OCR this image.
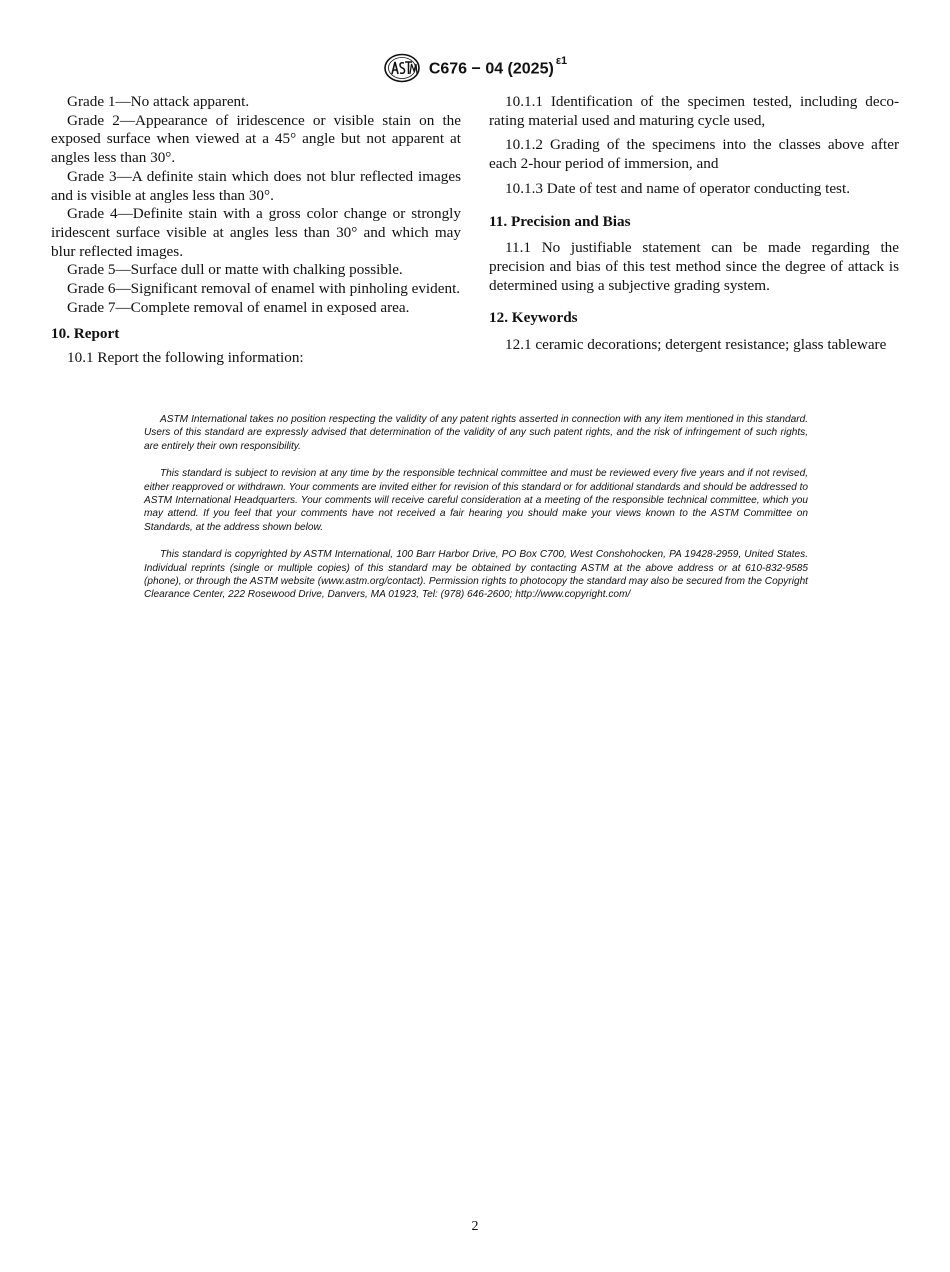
C676 − 04 (2025) $^{\varepsilon 1}$

Grade 1—No attack apparent.

Grade 2—Appearance of iridescence or visible stain on the exposed surface when viewed at a 45° angle but not apparent at angles less than 30°.

Grade 3—A definite stain which does not blur reflected images and is visible at angles less than 30°.

Grade 4—Definite stain with a gross color change or strongly iridescent surface visible at angles less than 30° and which may blur reflected images.

Grade 5—Surface dull or matte with chalking possible.

Grade 6—Significant removal of enamel with pinholing evident.

Grade 7—Complete removal of enamel in exposed area.

10. Report

10.1 Report the following information:

10.1.1 Identification of the specimen tested, including decorating material used and maturing cycle used,

10.1.2 Grading of the specimens into the classes above after each 2-hour period of immersion, and

10.1.3 Date of test and name of operator conducting test.

11. Precision and Bias

11.1 No justifiable statement can be made regarding the precision and bias of this test method since the degree of attack is determined using a subjective grading system.

12. Keywords

12.1 ceramic decorations; detergent resistance; glass tableware

ASTM International takes no position respecting the validity of any patent rights asserted in connection with any item mentioned in this standard. Users of this standard are expressly advised that determination of the validity of any such patent rights, and the risk of infringement of such rights, are entirely their own responsibility.

This standard is subject to revision at any time by the responsible technical committee and must be reviewed every five years and if not revised, either reapproved or withdrawn. Your comments are invited either for revision of this standard or for additional standards and should be addressed to ASTM International Headquarters. Your comments will receive careful consideration at a meeting of the responsible technical committee, which you may attend. If you feel that your comments have not received a fair hearing you should make your views known to the ASTM Committee on Standards, at the address shown below.

This standard is copyrighted by ASTM International, 100 Barr Harbor Drive, PO Box C700, West Conshohocken, PA 19428-2959, United States. Individual reprints (single or multiple copies) of this standard may be obtained by contacting ASTM at the above address or at 610-832-9585 (phone), or through the ASTM website (www.astm.org/contact). Permission rights to photocopy the standard may also be secured from the Copyright Clearance Center, 222 Rosewood Drive, Danvers, MA 01923, Tel: (978) 646-2600; http://www.copyright.com/

2
